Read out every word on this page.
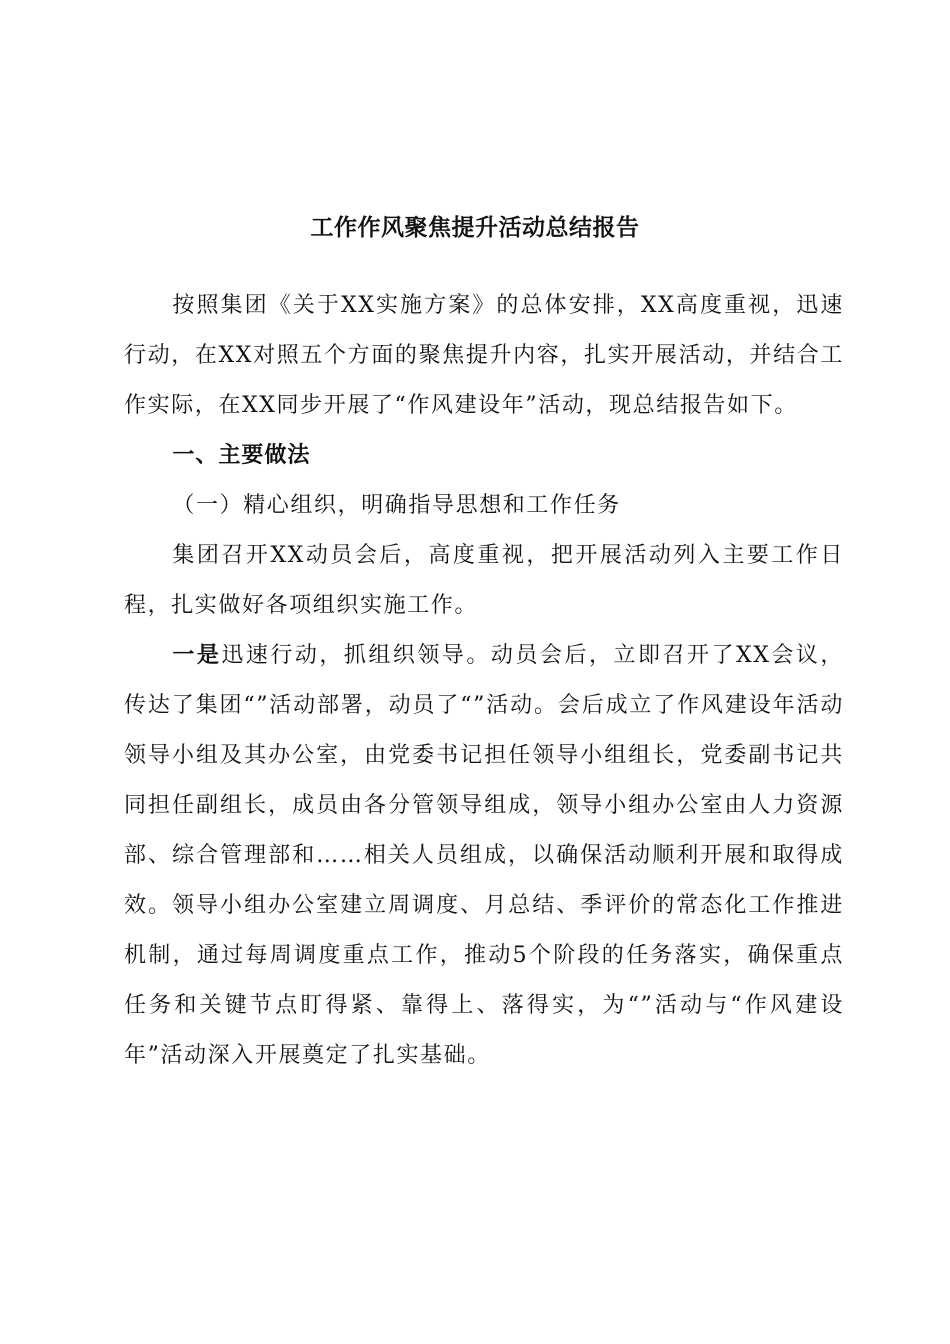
工作作风聚焦提升活动总结报告

按照集团《关于XX实施方案》的总体安排，XX高度重视，迅速行动，在XX对照五个方面的聚焦提升内容，扎实开展活动，并结合工作实际，在XX同步开展了“作风建设年”活动，现总结报告如下。

一、主要做法

（一）精心组织，明确指导思想和工作任务

集团召开XX动员会后，高度重视，把开展活动列入主要工作日程，扎实做好各项组织实施工作。

一是迅速行动，抓组织领导。动员会后，立即召开了XX会议，传达了集团“”活动部署，动员了“”活动。会后成立了作风建设年活动领导小组及其办公室，由党委书记担任领导小组组长，党委副书记共同担任副组长，成员由各分管领导组成，领导小组办公室由人力资源部、综合管理部和……相关人员组成，以确保活动顺利开展和取得成效。领导小组办公室建立周调度、月总结、季评价的常态化工作推进机制，通过每周调度重点工作，推动5个阶段的任务落实，确保重点任务和关键节点盯得紧、靠得上、落得实，为“”活动与“作风建设年”活动深入开展奠定了扎实基础。
